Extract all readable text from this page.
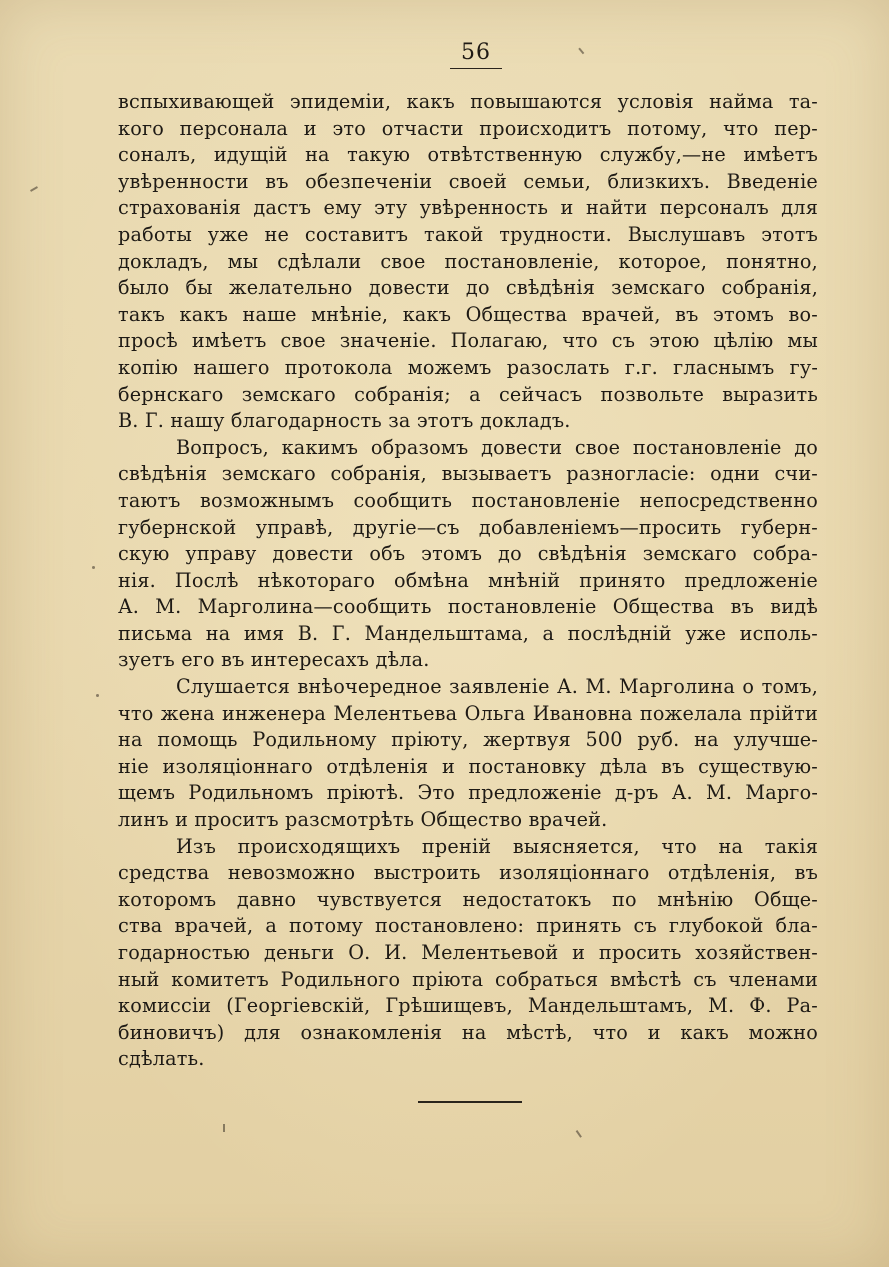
56
вспыхивающей эпидеміи, какъ повышаются условія найма та-
кого персонала и это отчасти происходитъ потому, что пер-
соналъ, идущій на такую отвѣтственную службу,—не имѣетъ
увѣренности въ обезпеченіи своей семьи, близкихъ. Введеніе
страхованія дастъ ему эту увѣренность и найти персоналъ для
работы уже не составитъ такой трудности. Выслушавъ этотъ
докладъ, мы сдѣлали свое постановленіе, которое, понятно,
было бы желательно довести до свѣдѣнія земскаго собранія,
такъ какъ наше мнѣніе, какъ Общества врачей, въ этомъ во-
просѣ имѣетъ свое значеніе. Полагаю, что съ этою цѣлію мы
копію нашего протокола можемъ разослать г.г. гласнымъ гу-
бернскаго земскаго собранія; а сейчасъ позвольте выразить
В. Г. нашу благодарность за этотъ докладъ.
Вопросъ, какимъ образомъ довести свое постановленіе до
свѣдѣнія земскаго собранія, вызываетъ разногласіе: одни счи-
таютъ возможнымъ сообщить постановленіе непосредственно
губернской управѣ, другіе—съ добавленіемъ—просить губерн-
скую управу довести объ этомъ до свѣдѣнія земскаго собра-
нія. Послѣ нѣкотораго обмѣна мнѣній принято предложеніе
А. М. Марголина—сообщить постановленіе Общества въ видѣ
письма на имя В. Г. Мандельштама, а послѣдній уже исполь-
зуетъ его въ интересахъ дѣла.
Слушается внѣочередное заявленіе А. М. Марголина о томъ,
что жена инженера Мелентьева Ольга Ивановна пожелала прійти
на помощь Родильному пріюту, жертвуя 500 руб. на улучше-
ніе изоляціоннаго отдѣленія и постановку дѣла въ существую-
щемъ Родильномъ пріютѣ. Это предложеніе д-ръ А. М. Марго-
линъ и проситъ разсмотрѣть Общество врачей.
Изъ происходящихъ преній выясняется, что на такія
средства невозможно выстроить изоляціоннаго отдѣленія, въ
которомъ давно чувствуется недостатокъ по мнѣнію Обще-
ства врачей, а потому постановлено: принять съ глубокой бла-
годарностью деньги О. И. Мелентьевой и просить хозяйствен-
ный комитетъ Родильного пріюта собраться вмѣстѣ съ членами
комиссіи (Георгіевскій, Грѣшищевъ, Мандельштамъ, М. Ф. Ра-
биновичъ) для ознакомленія на мѣстѣ, что и какъ можно
сдѣлать.
